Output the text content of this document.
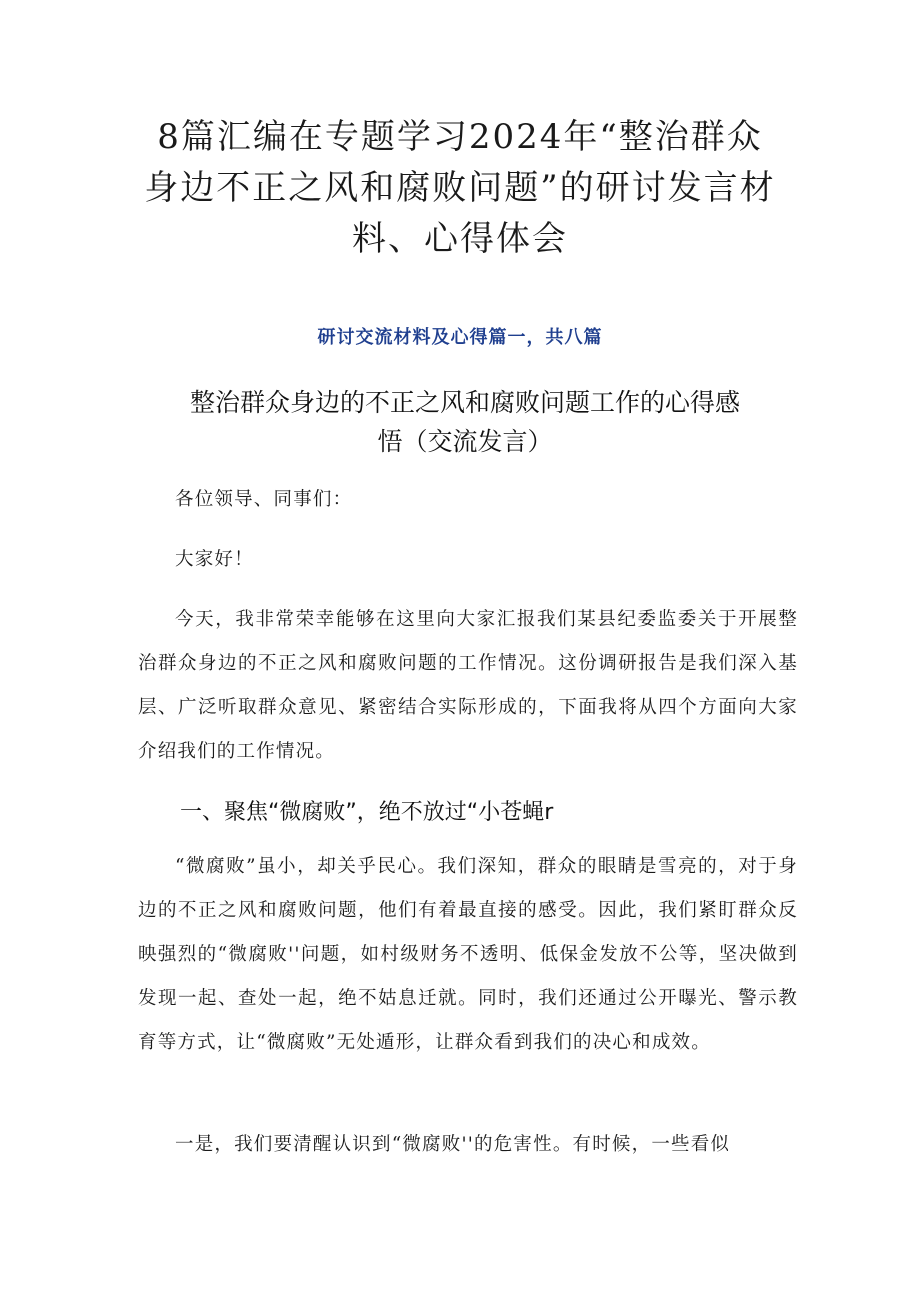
8篇汇编在专题学习2024年“整治群众身边不正之风和腐败问题”的研讨发言材料、心得体会

研讨交流材料及心得篇一，共八篇

整治群众身边的不正之风和腐败问题工作的心得感悟（交流发言）

各位领导、同事们：

大家好！

今天，我非常荣幸能够在这里向大家汇报我们某县纪委监委关于开展整治群众身边的不正之风和腐败问题的工作情况。这份调研报告是我们深入基层、广泛听取群众意见、紧密结合实际形成的，下面我将从四个方面向大家介绍我们的工作情况。

一、聚焦“微腐败”，绝不放过“小苍蝇r

“微腐败”虽小，却关乎民心。我们深知，群众的眼睛是雪亮的，对于身边的不正之风和腐败问题，他们有着最直接的感受。因此，我们紧盯群众反映强烈的“微腐败''问题，如村级财务不透明、低保金发放不公等，坚决做到发现一起、查处一起，绝不姑息迁就。同时，我们还通过公开曝光、警示教育等方式，让“微腐败”无处遁形，让群众看到我们的决心和成效。

一是，我们要清醒认识到“微腐败''的危害性。有时候，一些看似
